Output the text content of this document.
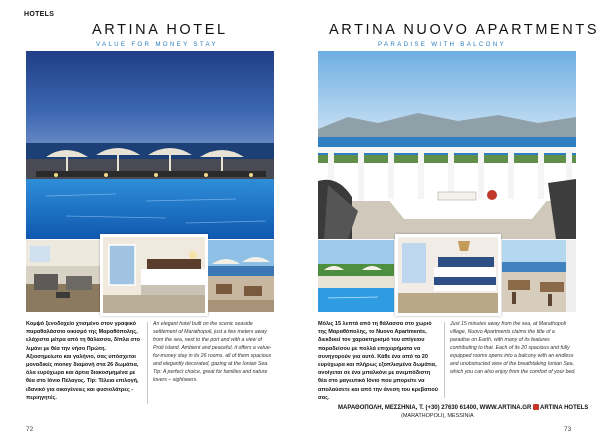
HOTELS
ARTINA HOTEL
VALUE FOR MONEY STAY
Κομψό ξενοδοχείο χτισμένο στον γραφικό παραθαλάσσιο οικισμό της Μαραθόπολης, ελάχιστα μέτρα από τη θάλασσα, δίπλα στο λιμάνι με θέα την νήσο Πρώτη. Αξιοσημείωτο και γαλήνιο, σας υπόσχεται μοναδικές money διαμονή στα 26 δωμάτια, όλα ευρύχωρα και άρτια διακοσμημένα με θέα στο Ιόνιο Πέλαγος. Tip: Τέλεια επιλογή, ιδανικό για οικογένειες και φυσιολάτρες - περιηγητές.
An elegant hotel built on the scenic seaside settlement of Marathopoli, just a few meters away from the sea, next to the port and with a view of Proti island. Ambient and peaceful, it offers a value-for-money stay in its 26 rooms, all of them spacious and elegantly decorated, gazing at the Ionian Sea. Tip: A perfect choice, great for families and nature lovers – sightseers.
72
ARTINA NUOVO APARTMENTS
PARADISE WITH BALCONY
Μόλις 15 λεπτά από τη θάλασσα στο χωριό της Μαραθόπολης, το Nuovo Apartments, διεκδικεί τον χαρακτηρισμό του απίγειου παραδείσου με πολλά επιχειρήματα να συνηγορούν για αυτό. Κάθε ένα από τα 20 ευρύχωρα και πλήρως εξοπλισμένα δωμάτια, ανοίγεται σε ένα μπαλκόνι με ανεμπόδιστη θέα στο μαγευτικό Ιόνιο που μπορείτε να απολαύσετε και από την άνεση του κρεβατιού σας.
Just 15 minutes away from the sea, at Marathopoli village, Nuovo Apartments claims the title of a paradise on Earth, with many of its features contributing to that. Each of its 20 spacious and fully equipped rooms opens into a balcony with an endless and unobstructed view of the breathtaking Ionian Sea, which you can also enjoy from the comfort of your bed.
ΜΑΡΑΘΟΠΟΛΗ, ΜΕΣΣΗΝΙΑ, Τ. (+30) 27630 61400, WWW.ARTINA.GR ARTINA HOTELS
(MARATHOPOLI), MESSINIA
73
